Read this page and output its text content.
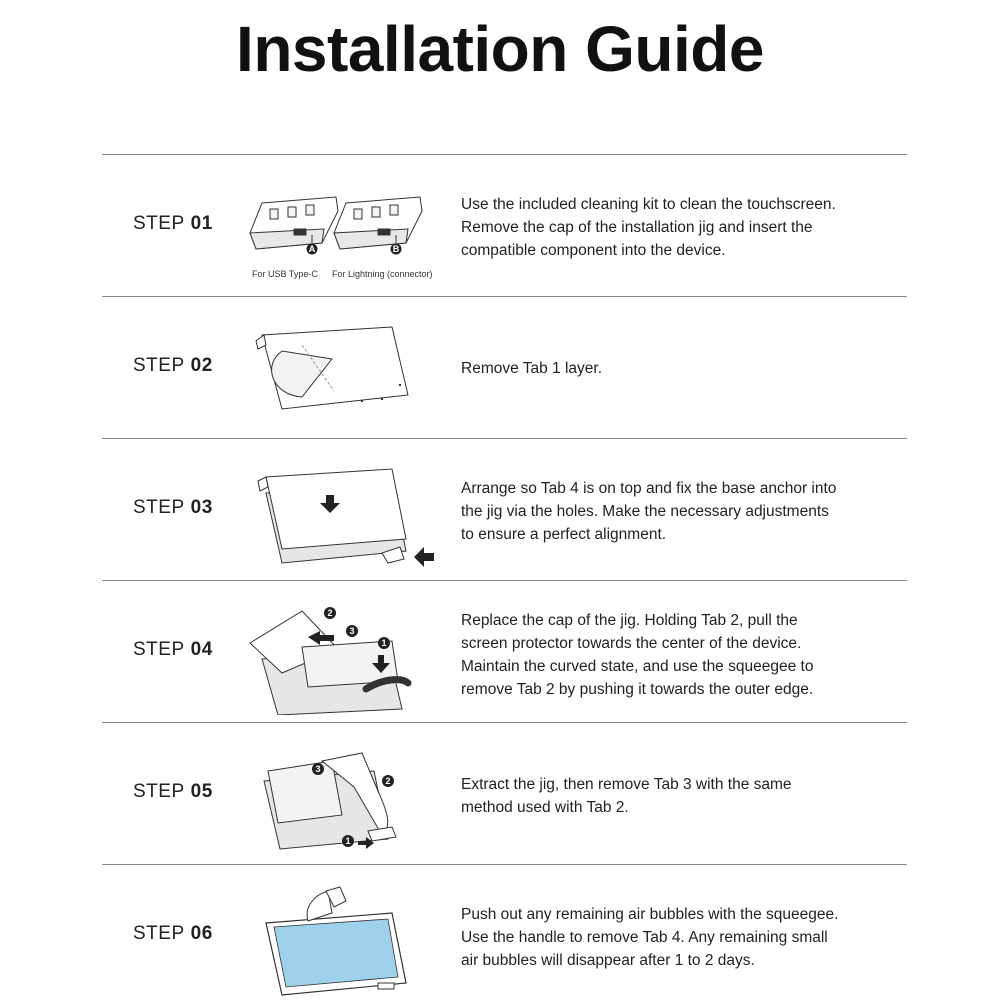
Installation Guide
STEP 01
A	B
For USB Type-C For Lightning (connector)
Use the included cleaning kit to clean the touchscreen.
Remove the cap of the installation jig and insert the
compatible component into the device.
STEP 02	Remove Tab 1 layer.
STEP 03
Arrange so Tab 4 is on top and fix the base anchor into
the jig via the holes. Make the necessary adjustments
to ensure a perfect alignment.
STEP 04	1
2
3
Replace the cap of the jig. Holding Tab 2, pull the
screen protector towards the center of the device.
Maintain the curved state, and use the squeegee to
remove Tab 2 by pushing it towards the outer edge.
STEP 05
1
2
3
Extract the jig, then remove Tab 3 with the same
method used with Tab 2.
STEP 06
Push out any remaining air bubbles with the squeegee.
Use the handle to remove Tab 4. Any remaining small
air bubbles will disappear after 1 to 2 days.
